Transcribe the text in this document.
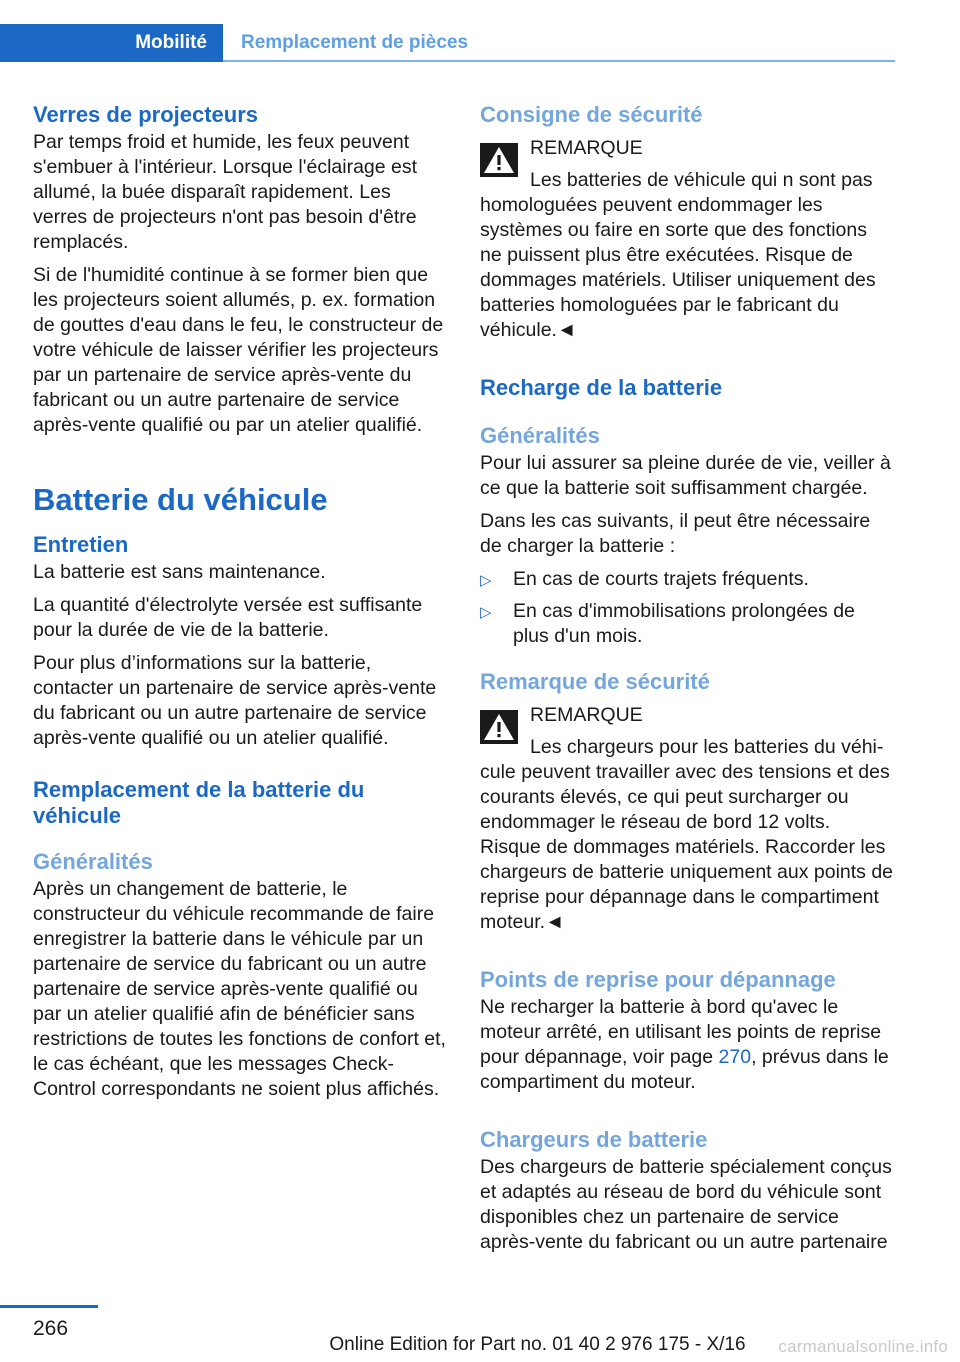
Mobilité Remplacement de pièces
Verres de projecteurs

Par temps froid et humide, les feux peuvent s'embuer à l'intérieur. Lorsque l'éclairage est allumé, la buée disparaît rapidement. Les verres de projecteurs n'ont pas besoin d'être remplacés.

Si de l'humidité continue à se former bien que les projecteurs soient allumés, p. ex. formation de gouttes d'eau dans le feu, le constructeur de votre véhicule de laisser vérifier les projecteurs par un partenaire de service après-vente du fabricant ou un autre partenaire de service après-vente qualifié ou par un atelier qualifié.

Batterie du véhicule
Entretien

La batterie est sans maintenance.

La quantité d'électrolyte versée est suffisante pour la durée de vie de la batterie.

Pour plus d’informations sur la batterie, contacter un partenaire de service après-vente du fabricant ou un autre partenaire de service après-vente qualifié ou un atelier qualifié.

Remplacement de la batterie du véhicule
Généralités

Après un changement de batterie, le constructeur du véhicule recommande de faire enregistrer la batterie dans le véhicule par un partenaire de service du fabricant ou un autre partenaire de service après-vente qualifié ou par un atelier qualifié afin de bénéficier sans restrictions de toutes les fonctions de confort et, le cas échéant, que les messages Check-Control correspondants ne soient plus affichés.

Consigne de sécurité
REMARQUE
Les batteries de véhicule qui n sont pas

homologuées peuvent endommager les systèmes ou faire en sorte que des fonctions ne puissent plus être exécutées. Risque de dommages matériels. Utiliser uniquement des batteries homologuées par le fabricant du véhicule.◄

Recharge de la batterie
Généralités

Pour lui assurer sa pleine durée de vie, veiller à ce que la batterie soit suffisamment chargée.

Dans les cas suivants, il peut être nécessaire de charger la batterie :

▷ En cas de courts trajets fréquents.
▷ En cas d'immobilisations prolongées de plus d'un mois.
Remarque de sécurité
REMARQUE
Les chargeurs pour les batteries du véhi-

cule peuvent travailler avec des tensions et des courants élevés, ce qui peut surcharger ou endommager le réseau de bord 12 volts. Risque de dommages matériels. Raccorder les chargeurs de batterie uniquement aux points de reprise pour dépannage dans le compartiment moteur.◄

Points de reprise pour dépannage

Ne recharger la batterie à bord qu'avec le moteur arrêté, en utilisant les points de reprise pour dépannage, voir page 270, prévus dans le compartiment du moteur.

Chargeurs de batterie

Des chargeurs de batterie spécialement conçus et adaptés au réseau de bord du véhicule sont disponibles chez un partenaire de service après-vente du fabricant ou un autre partenaire

266
Online Edition for Part no. 01 40 2 976 175 - X/16	carmanualsonline.info
